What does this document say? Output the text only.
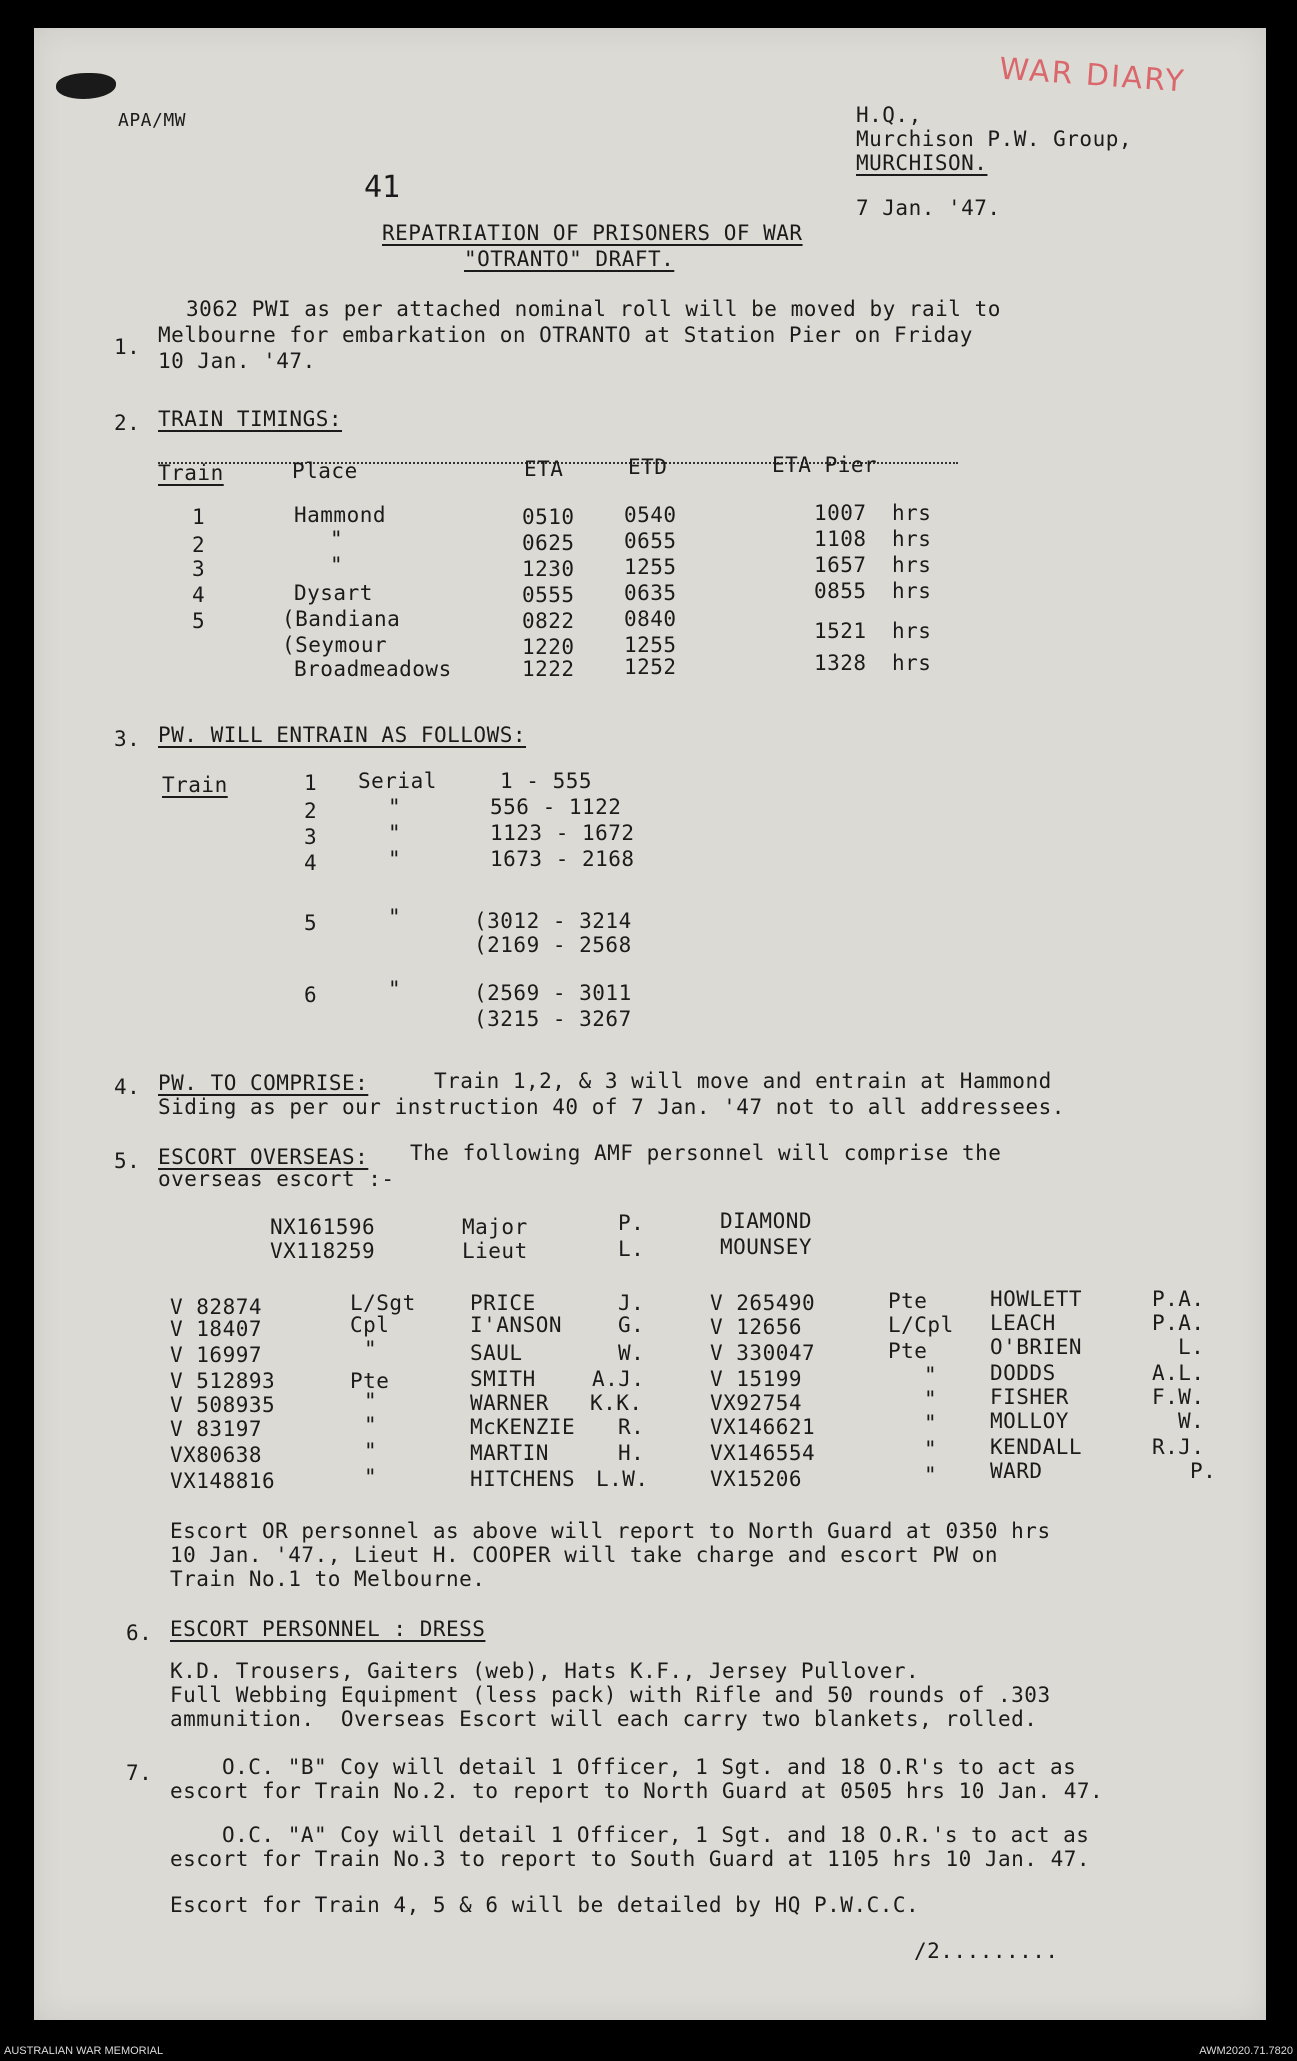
WAR DIARY
APA/MW	H.Q.,
Murchison P.W. Group,
MURCHISON.
41
7 Jan. '47.
REPATRIATION OF PRISONERS OF WAR
"OTRANTO" DRAFT.
1.
3062 PWI as per attached nominal roll will be moved by rail to
Melbourne for embarkation on OTRANTO at Station Pier on Friday
10 Jan. '47.
2. TRAIN TIMINGS:
Train	Place	ETA	ETD	ETA Pier
1	Hammond	0510 0540	1007 hrs
2	"	0625 0655	1108 hrs
3	"	1230 1255	1657 hrs
4	Dysart	0555 0635	0855 hrs
5	(Bandiana	0822 0840
(Seymour	1220 1255
1521 hrs
Broadmeadows	1222 1252	1328 hrs
3. PW. WILL ENTRAIN AS FOLLOWS:
Train	1 Serial	1 - 555
2	"	556 - 1122
3	"	1123 - 1672
4	"	1673 - 2168
5	"	(3012 - 3214
(2169 - 2568
6	"	(2569 - 3011
(3215 - 3267
4. PW. TO COMPRISE:	Train 1,2, & 3 will move and entrain at Hammond
Siding as per our instruction 40 of 7 Jan. '47 not to all addressees.
5. ESCORT OVERSEAS: The following AMF personnel will comprise the
overseas escort :-
NX161596	Major	P.	DIAMOND
VX118259	Lieut	L.	MOUNSEY
V 82874	L/Sgt	PRICE	J.
V 18407	Cpl	I'ANSON	G.
V 16997	"	SAUL	W.
V 512893	Pte	SMITH	A.J.
V 508935	"	WARNER K.K.
V 83197	"	McKENZIE R.
VX80638	"	MARTIN	H.
VX148816	"	HITCHENS L.W.
V 265490	Pte	HOWLETT	P.A.
V 12656	L/Cpl LEACH	P.A.
V 330047	Pte	O'BRIEN	L.
V 15199	"	DODDS	A.L.
VX92754	"	FISHER	F.W.
VX146621	"	MOLLOY	W.
VX146554	"	KENDALL	R.J.
VX15206	"	WARD	P.
Escort OR personnel as above will report to North Guard at 0350 hrs
10 Jan. '47., Lieut H. COOPER will take charge and escort PW on
Train No.1 to Melbourne.
6. ESCORT PERSONNEL : DRESS
K.D. Trousers, Gaiters (web), Hats K.F., Jersey Pullover.
Full Webbing Equipment (less pack) with Rifle and 50 rounds of .303
ammunition.  Overseas Escort will each carry two blankets, rolled.
7.	O.C. "B" Coy will detail 1 Officer, 1 Sgt. and 18 O.R's to act as
escort for Train No.2. to report to North Guard at 0505 hrs 10 Jan. 47.
O.C. "A" Coy will detail 1 Officer, 1 Sgt. and 18 O.R.'s to act as
escort for Train No.3 to report to South Guard at 1105 hrs 10 Jan. 47.
Escort for Train 4, 5 & 6 will be detailed by HQ P.W.C.C.
/2.........
AUSTRALIAN WAR MEMORIAL	AWM2020.71.7820
